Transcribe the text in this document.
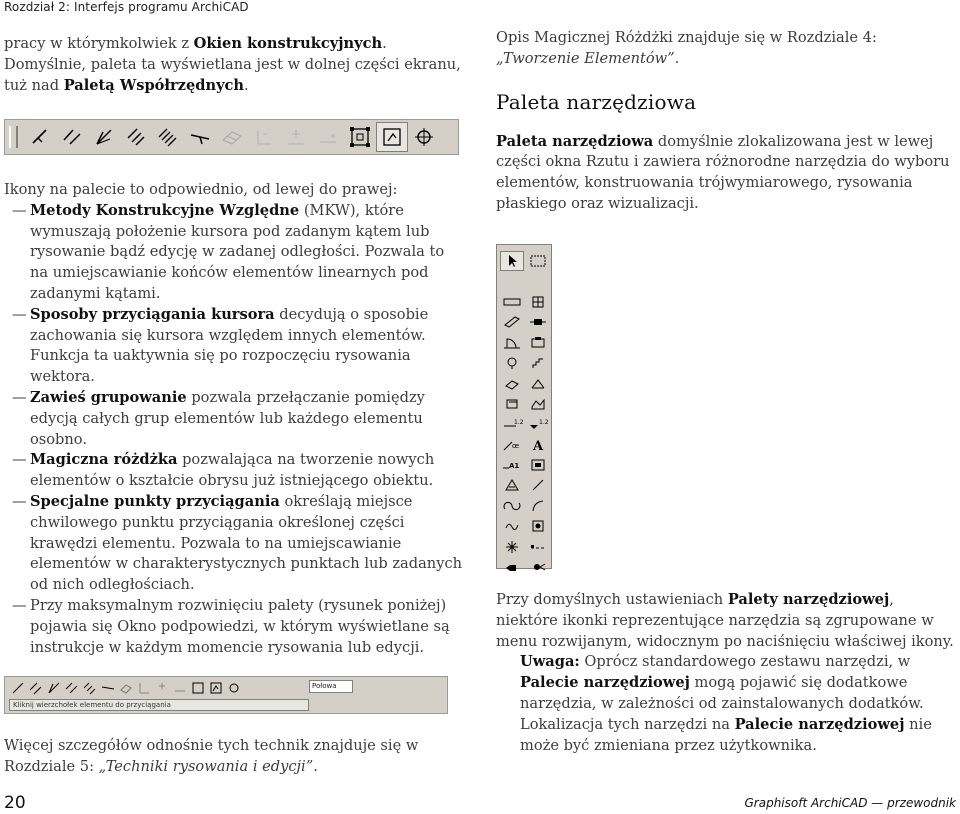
Rozdział 2: Interfejs programu ArchiCAD

pracy w którymkolwiek z Okien konstrukcyjnych. Domyślnie, paleta ta wyświetlana jest w dolnej części ekranu, tuż nad Paletą Współrzędnych.

Ikony na palecie to odpowiednio, od lewej do prawej:

— Metody Konstrukcyjne Względne (MKW), które wymuszają położenie kursora pod zadanym kątem lub rysowanie bądź edycję w zadanej odległości. Pozwala to na umiejscawianie końców elementów linearnych pod zadanymi kątami.
— Sposoby przyciągania kursora decydują o sposobie zachowania się kursora względem innych elementów. Funkcja ta uaktywnia się po rozpoczęciu rysowania wektora.
— Zawieś grupowanie pozwala przełączanie pomiędzy edycją całych grup elementów lub każdego elementu osobno.
— Magiczna różdżka pozwalająca na tworzenie nowych elementów o kształcie obrysu już istniejącego obiektu.
— Specjalne punkty przyciągania określają miejsce chwilowego punktu przyciągania określonej części krawędzi elementu. Pozwala to na umiejscawianie elementów w charakterystycznych punktach lub zadanych od nich odległościach.
— Przy maksymalnym rozwinięciu palety (rysunek poniżej) pojawia się Okno podpowiedzi, w którym wyświetlane są instrukcje w każdym momencie rysowania lub edycji.
Połowa
Kliknij wierzchołek elementu do przyciągania

Więcej szczegółów odnośnie tych technik znajduje się w Rozdziale 5: „Techniki rysowania i edycji”.

Opis Magicznej Różdżki znajduje się w Rozdziale 4: „Tworzenie Elementów”.

Paleta narzędziowa

Paleta narzędziowa domyślnie zlokalizowana jest w lewej części okna Rzutu i zawiera różnorodne narzędzia do wyboru elementów, konstruowania trójwymiarowego, rysowania płaskiego oraz wizualizacji.

1.2	1.2
œ A
A1

Przy domyślnych ustawieniach Palety narzędziowej, niektóre ikonki reprezentujące narzędzia są zgrupowane w menu rozwijanym, widocznym po naciśnięciu właściwej ikony.

Uwaga: Oprócz standardowego zestawu narzędzi, w Palecie narzędziowej mogą pojawić się dodatkowe narzędzia, w zależności od zainstalowanych dodatków. Lokalizacja tych narzędzi na Palecie narzędziowej nie może być zmieniana przez użytkownika.

20	Graphisoft ArchiCAD — przewodnik
